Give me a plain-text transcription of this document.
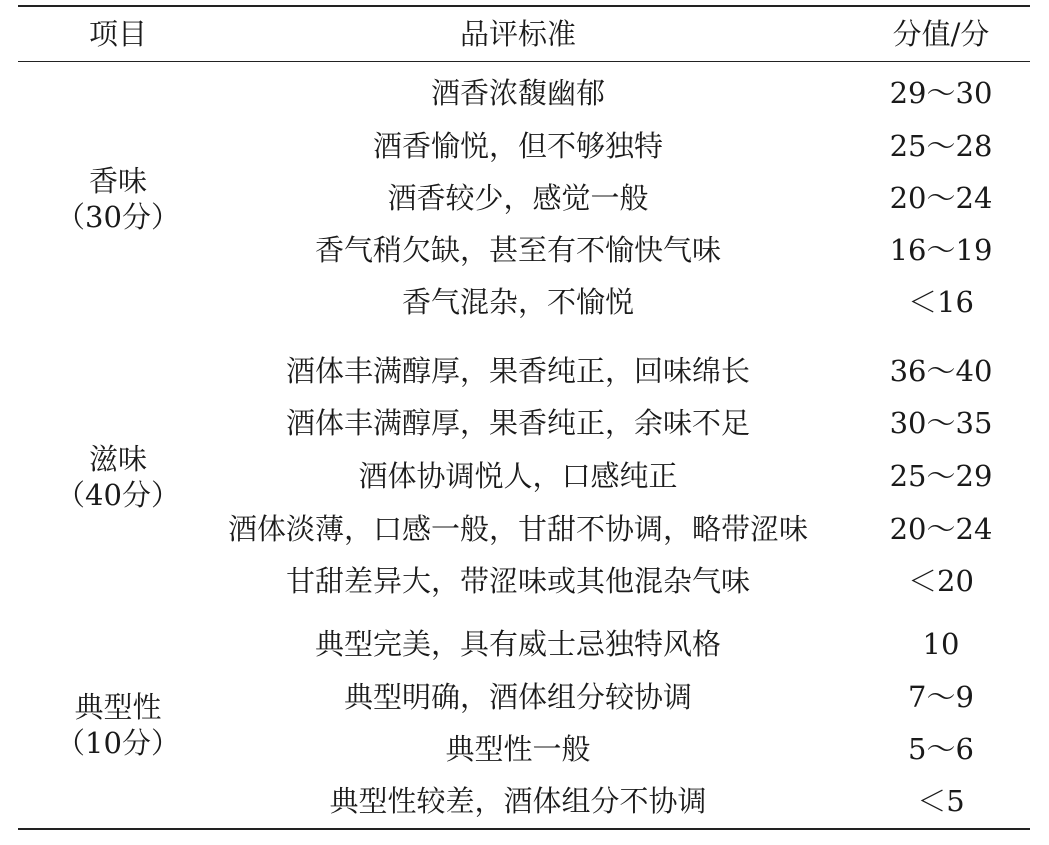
项目	品评标准	分值/分
香味
（30分）
酒香浓馥幽郁	29～30
酒香愉悦，但不够独特	25～28
酒香较少，感觉一般	20～24
香气稍欠缺，甚至有不愉快气味	16～19
香气混杂，不愉悦	＜16
滋味
（40分）
酒体丰满醇厚，果香纯正，回味绵长	36～40
酒体丰满醇厚，果香纯正，余味不足	30～35
酒体协调悦人，口感纯正	25～29
酒体淡薄，口感一般，甘甜不协调，略带涩味	20～24
甘甜差异大，带涩味或其他混杂气味	＜20
典型性
（10分）
典型完美，具有威士忌独特风格	10
典型明确，酒体组分较协调	7～9
典型性一般	5～6
典型性较差，酒体组分不协调	＜5
